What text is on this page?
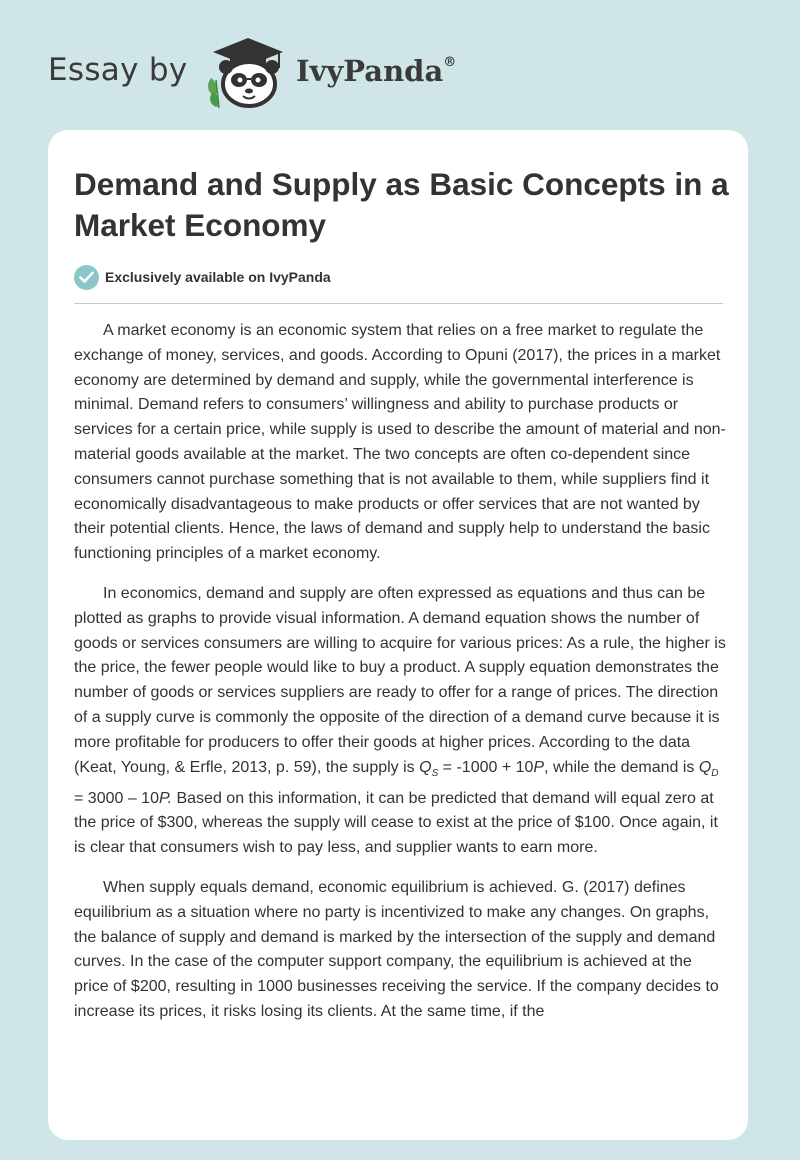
Essay by	IvyPanda®
Demand and Supply as Basic Concepts in a Market Economy
Exclusively available on IvyPanda

A market economy is an economic system that relies on a free market to regulate the exchange of money, services, and goods. According to Opuni (2017), the prices in a market economy are determined by demand and supply, while the governmental interference is minimal. Demand refers to consumers’ willingness and ability to purchase products or services for a certain price, while supply is used to describe the amount of material and non-material goods available at the market. The two concepts are often co-dependent since consumers cannot purchase something that is not available to them, while suppliers find it economically disadvantageous to make products or offer services that are not wanted by their potential clients. Hence, the laws of demand and supply help to understand the basic functioning principles of a market economy.

In economics, demand and supply are often expressed as equations and thus can be plotted as graphs to provide visual information. A demand equation shows the number of goods or services consumers are willing to acquire for various prices: As a rule, the higher is the price, the fewer people would like to buy a product. A supply equation demonstrates the number of goods or services suppliers are ready to offer for a range of prices. The direction of a supply curve is commonly the opposite of the direction of a demand curve because it is more profitable for producers to offer their goods at higher prices. According to the data (Keat, Young, & Erfle, 2013, p. 59), the supply is $Q_S = -1000 + 10P$, while the demand is $Q_D = 3000 - 10P$. Based on this information, it can be predicted that demand will equal zero at the price of $300, whereas the supply will cease to exist at the price of $100. Once again, it is clear that consumers wish to pay less, and supplier wants to earn more.

When supply equals demand, economic equilibrium is achieved. G. (2017) defines equilibrium as a situation where no party is incentivized to make any changes. On graphs, the balance of supply and demand is marked by the intersection of the supply and demand curves. In the case of the computer support company, the equilibrium is achieved at the price of $200, resulting in 1000 businesses receiving the service. If the company decides to increase its prices, it risks losing its clients. At the same time, if the
